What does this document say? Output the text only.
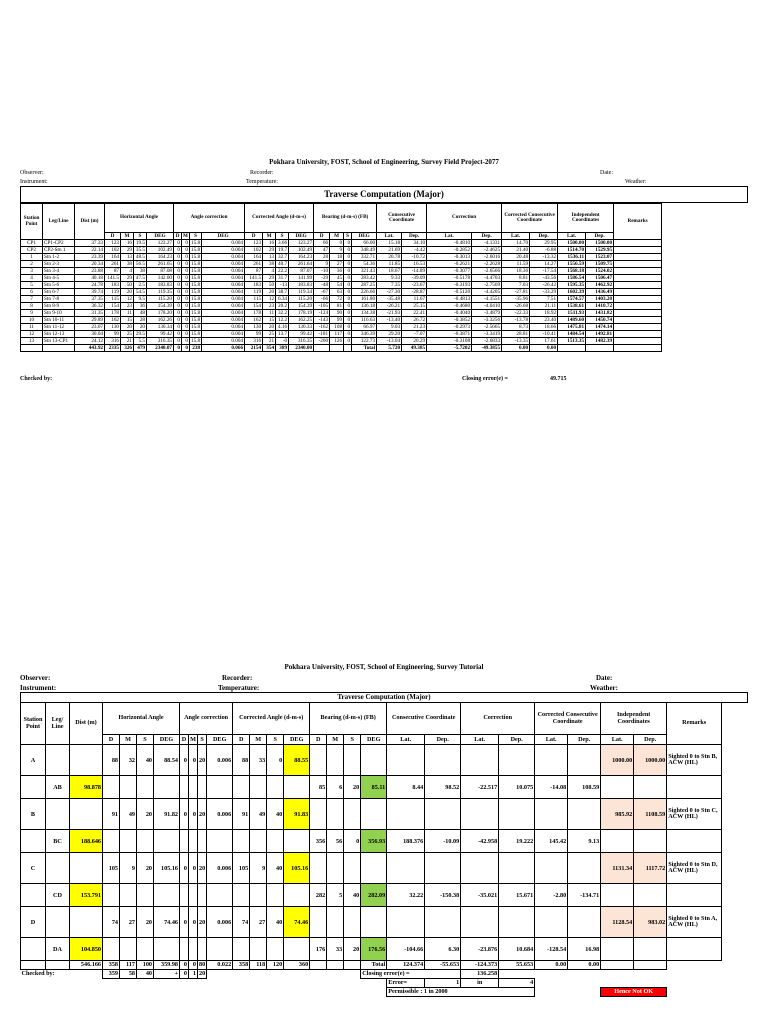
Pokhara University, FOST, School of Engineering, Survey Field Project-2077
Observer:	Recorder:	Date:
Instrument:	Temperature:	Weather:
Traverse Computation (Major)
Station Point	Leg/Line	Dist (m)	Horizontal Angle				Angle correction				Corrected Angle (d-m-s)				Bearing (d-m-s) (FB)				Consecutive Coordinate		Correction		Corrected Consecutive Coordinate		Independent Coordinates		Remarks
			D	M	S	DEG	D	M	S	DEG	D	M	S	DEG	D	M	S	DEG	Lat.	Dep.	Lat.	Dep.	Lat.	Dep.	Lat.	Dep.	
CP1	CP1-CP2	37.33	123	16	19.5	123.27	0	0	15.8	0.004	123	16	3.66	123.27	66	0	0	66.00	15.18	34.10	-0.4810	-4.1331	14.70	29.95	1500.00	1500.00	
CP2	CP2-Stn 1	22.14	102	29	35.5	102.49	0	0	15.8	0.004	102	29	19.7	102.49	47	9	0	348.49	21.69	-4.42	-0.2852	-2.4625	21.40	-6.88	1514.70	1529.95	
1	Stn 1-2	23.39	164	13	48.5	164.23	0	0	15.8	0.004	164	13	32.7	164.23	28	18	0	332.71	20.78	-10.72	-0.3013	-2.6016	20.48	-13.32	1536.11	1523.07	
2	Stn 2-3	20.34	261	38	56.5	261.65	0	0	15.8	0.004	261	38	40.7	261.64	9	27	0	54.36	11.85	16.53	-0.2621	-2.2628	11.59	14.27	1556.59	1509.75	
3	Stn 3-4	23.88	87	4	38	87.08	0	0	15.8	0.004	87	4	22.2	87.07	-10	36	0	321.43	18.67	-14.89	-0.3077	-2.6566	18.36	-17.54	1568.18	1524.02	
4	Stn 4-5	40.18	141.5	29	47.5	142.00	0	0	15.8	0.004	141.5	29	31.7	141.99	-29	45	0	283.42	9.33	-39.09	-0.5178	-4.4703	8.81	-43.56	1586.54	1506.47	
5	Stn 5-6	24.78	183	50	2.5	183.83	0	0	15.8	0.004	183	50	-13	183.83	-48	54	0	287.25	7.35	-23.67	-0.3193	-2.7569	7.03	-26.42	1595.35	1462.92	
6	Stn 6-7	39.74	119	20	54.5	119.35	0	0	15.8	0.004	119	20	38.7	119.34	-67	63	0	226.66	-27.30	-28.87	-0.5120	-4.4205	-27.81	-33.29	1602.39	1436.49	
7	Stn 7-8	37.35	115	12	9.5	115.20	0	0	15.8	0.004	115	12	6.34	115.20	-66	72	0	161.80	-35.48	11.67	-0.4813	-4.1551	-35.96	7.51	1574.57	1403.20	
8	Stn 8-9	36.32	154	23	36	154.39	0	0	15.8	0.004	154	23	20.2	154.39	-105	81	0	136.18	-26.21	25.15	-0.4680	-4.0410	-26.68	21.11	1538.61	1410.72	
9	Stn 9-10	31.35	178	11	48	178.20	0	0	15.8	0.004	178	11	32.2	178.19	-124	90	0	134.38	-21.93	22.41	-0.4040	-3.4879	-22.33	18.92	1511.93	1431.82	
10	Stn 10-11	29.89	162	15	28	162.26	0	0	15.8	0.004	162	15	12.2	162.25	-143	99	0	116.63	-13.40	26.72	-0.3852	-3.3256	-13.78	23.40	1489.60	1450.74	
11	Stn 11-12	23.07	130	20	20	130.34	0	0	15.8	0.004	130	20	4.16	130.33	-162	108	0	66.97	9.03	21.23	-0.2973	-2.5665	8.73	18.66	1475.81	1474.14	
12	Stn 12-13	30.04	99	25	29.5	99.42	0	0	15.8	0.004	99	25	13.7	99.42	-181	117	0	346.39	29.20	-7.07	-0.3871	-3.3419	28.81	-10.41	1484.54	1492.81	
13	Stn 13-CP1	24.12	316	21	5.5	316.35	0	0	15.8	0.004	316	21	-0	316.35	-200	126	0	122.73	-13.04	20.29	-0.3108	-2.6833	-13.35	17.61	1513.35	1482.39	
		443.92	2335	326	479	2340.07	0	0	238	0.066	2154	354	389	2340.00				Total	5.720	49.385	-5.7202	-49.3855	0.00	0.00			
Checked by:	Closing error(e) =	49.715
Pokhara University, FOST, School of Engineering, Survey Tutorial
Observer:	Recorder:	Date:
Instrument:	Temperature:	Weather:
Traverse Computation (Major)
Station Point	Leg/ Line	Dist (m)	Horizontal Angle				Angle correction				Corrected Angle (d-m-s)				Bearing (d-m-s) (FB)				Consecutive Coordinate		Correction		Corrected Consecutive Coordinate		Independent Coordinates		Remarks
			D	M	S	DEG	D	M	S	DEG	D	M	S	DEG	D	M	S	DEG	Lat.	Dep.	Lat.	Dep.	Lat.	Dep.	Lat.	Dep.	
A			88	32	40	88.54	0	0	20	0.006	88	33	0	88.55											1000.00	1000.00	Sighted 0 to Stn B, ACW (HL)
	AB	98.878													85	6	20	85.11	8.44	98.52	-22.517	10.075	-14.08	108.59			
B			91	49	20	91.82	0	0	20	0.006	91	49	40	91.83											985.92	1108.59	Sighted 0 to Stn C, ACW (HL)
	BC	188.646													356	56	0	356.93	188.376	-10.09	-42.958	19.222	145.42	9.13			
C			105	9	20	105.16	0	0	20	0.006	105	9	40	105.16											1131.34	1117.72	Sighted 0 to Stn D, ACW (HL)
	CD	153.791													282	5	40	282.09	32.22	-150.38	-35.021	15.671	-2.80	-134.71			
D			74	27	20	74.46	0	0	20	0.006	74	27	40	74.46											1128.54	983.02	Sighted 0 to Stn A, ACW (HL)
	DA	104.850													176	33	20	176.56	-104.66	6.30	-23.876	10.684	-128.54	16.98			
		546.166	358	117	100	359.98	0	0	80	0.022	358	118	120	360				Total	124.374	-55.653	-124.373	55.653	0.00	0.00			
Checked by:			359	58	40	+	0	1	20									Closing error(e) =			136.258						
																			Error=	1	in	4					
																			Permissible : 1 in 2000						Hence Not OK		
